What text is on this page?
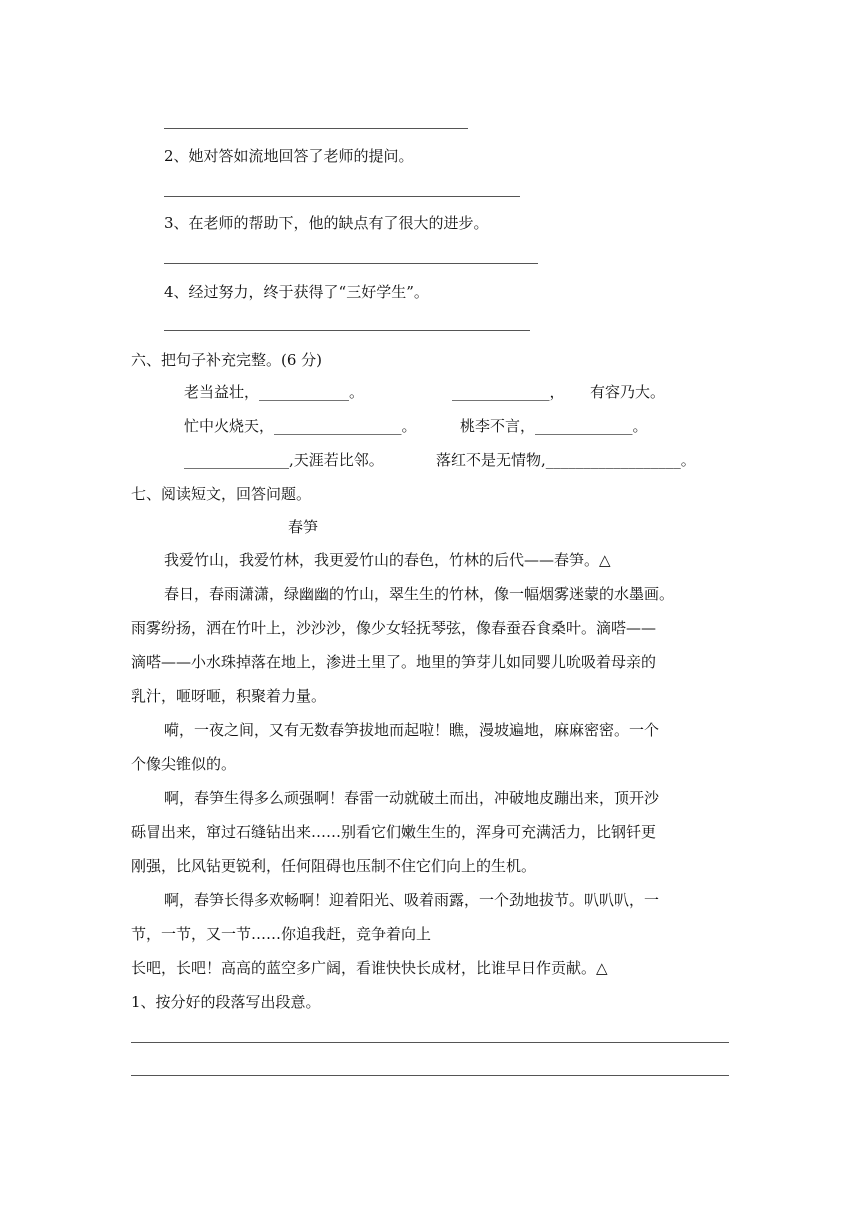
2、她对答如流地回答了老师的提问。
3、在老师的帮助下，他的缺点有了很大的进步。
4、经过努力，终于获得了“三好学生”。
六、把句子补充完整。(6 分)
老当益壮，____________。	_____________， 有容乃大。
忙中火烧天，_________________。	桃李不言，_____________。
______________,天涯若比邻。	落红不是无情物,__________________。
七、阅读短文，回答问题。
春笋
我爱竹山，我爱竹林，我更爱竹山的春色，竹林的后代——春笋。△
春日，春雨潇潇，绿幽幽的竹山，翠生生的竹林，像一幅烟雾迷蒙的水墨画。
雨雾纷扬，洒在竹叶上，沙沙沙，像少女轻抚琴弦，像春蚕吞食桑叶。滴嗒——
滴嗒——小水珠掉落在地上，渗进土里了。地里的笋芽儿如同婴儿吮吸着母亲的
乳汁，咂呀咂，积聚着力量。
嗬，一夜之间，又有无数春笋拔地而起啦！瞧，漫坡遍地，麻麻密密。一个
个像尖锥似的。
啊，春笋生得多么顽强啊！春雷一动就破土而出，冲破地皮蹦出来，顶开沙
砾冒出来，窜过石缝钻出来……别看它们嫩生生的，浑身可充满活力，比钢钎更
刚强，比风钻更锐利，任何阻碍也压制不住它们向上的生机。
啊，春笋长得多欢畅啊！迎着阳光、吸着雨露，一个劲地拔节。叭叭叭，一
节，一节，又一节……你追我赶，竞争着向上
长吧，长吧！高高的蓝空多广阔，看谁快快长成材，比谁早日作贡献。△
1、按分好的段落写出段意。
